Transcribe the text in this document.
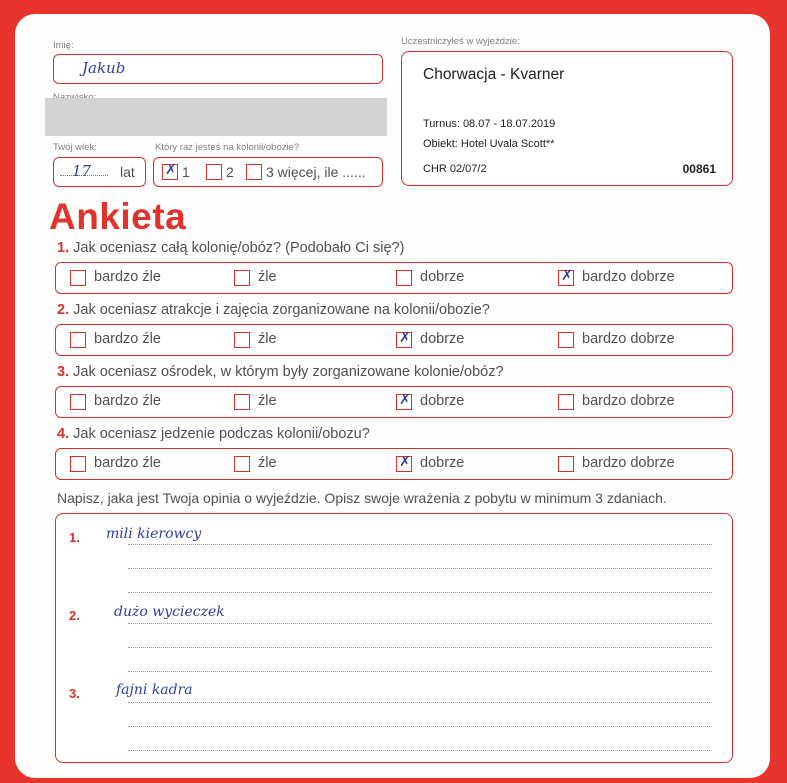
Imię:
Jakub
Twój wiek:
17 lat
Który raz jesteś na kolonii/obozie?
✗ 1	2 3 więcej, ile ......
Uczestniczyłeś w wyjeździe:
Chorwacja - Kvarner
Turnus: 08.07 - 18.07.2019
Obiekt: Hotel Uvala Scott**
CHR 02/07/2	00861
Ankieta
1. Jak oceniasz całą kolonię/obóz? (Podobało Ci się?)
bardzo źle	źle	dobrze	✗ bardzo dobrze
2. Jak oceniasz atrakcje i zajęcia zorganizowane na kolonii/obozie?
bardzo źle	źle	✗ dobrze	bardzo dobrze
3. Jak oceniasz ośrodek, w którym były zorganizowane kolonie/obóz?
bardzo źle	źle	✗ dobrze	bardzo dobrze
4. Jak oceniasz jedzenie podczas kolonii/obozu?
bardzo źle	źle	✗ dobrze	bardzo dobrze
Napisz, jaka jest Twoja opinia o wyjeździe. Opisz swoje wrażenia z pobytu w minimum 3 zdaniach.
1. mili kierowcy
2. dużo wycieczek
3.	fajni kadra
